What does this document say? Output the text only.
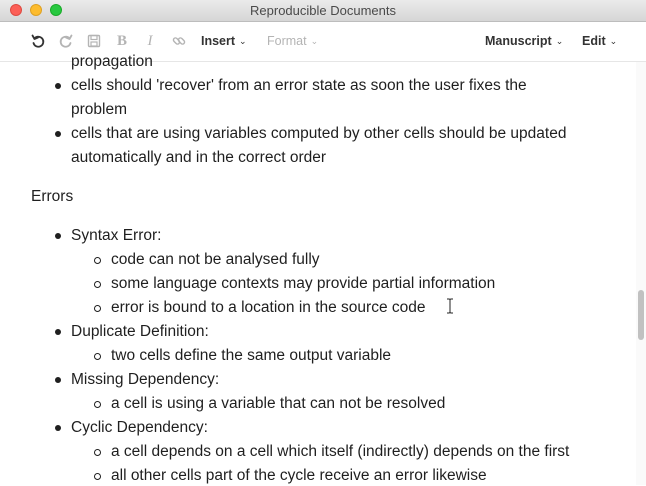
Reproducible Documents
B I	Insert ⌄ Format ⌄	Manuscript ⌄ Edit ⌄
propagation
cells should 'recover' from an error state as soon the user fixes the
problem
cells that are using variables computed by other cells should be updated
automatically and in the correct order
Errors
Syntax Error:
code can not be analysed fully
some language contexts may provide partial information
error is bound to a location in the source code
Duplicate Definition:
two cells define the same output variable
Missing Dependency:
a cell is using a variable that can not be resolved
Cyclic Dependency:
a cell depends on a cell which itself (indirectly) depends on the first
all other cells part of the cycle receive an error likewise
